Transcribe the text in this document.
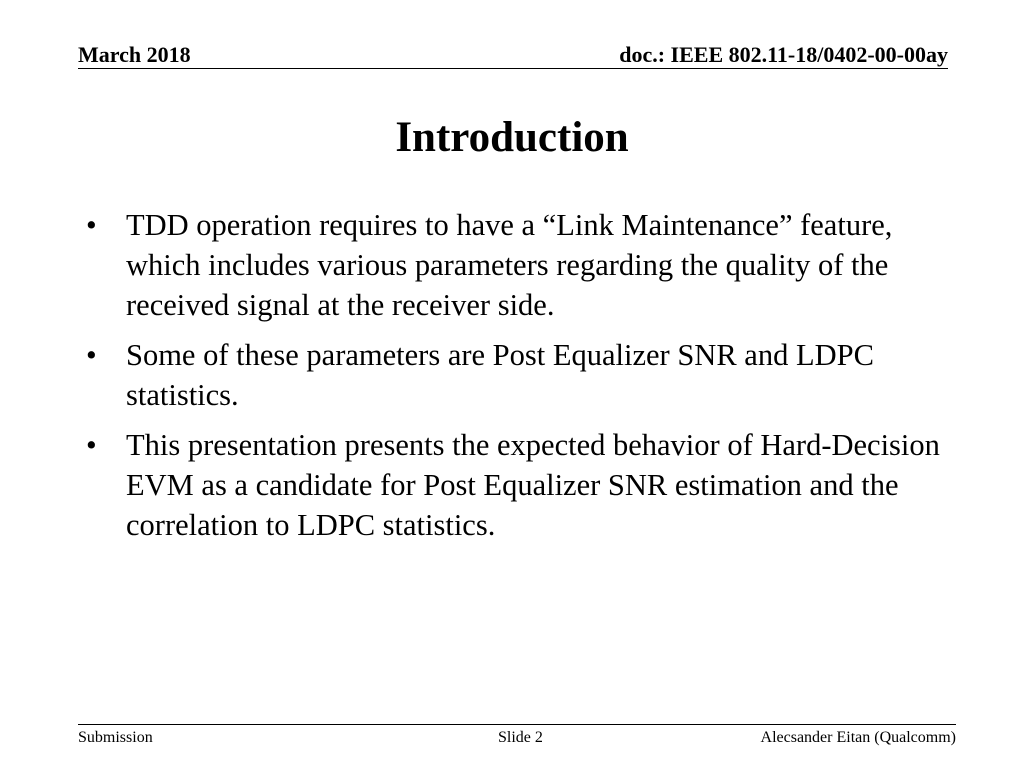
March 2018	doc.: IEEE 802.11-18/0402-00-00ay
Introduction
• TDD operation requires to have a “Link Maintenance” feature, which includes various parameters regarding the quality of the received signal at the receiver side.
• Some of these parameters are Post Equalizer SNR and LDPC statistics.
• This presentation presents the expected behavior of Hard-Decision EVM as a candidate for Post Equalizer SNR estimation and the correlation to LDPC statistics.
Submission	Slide 2	Alecsander Eitan (Qualcomm)
